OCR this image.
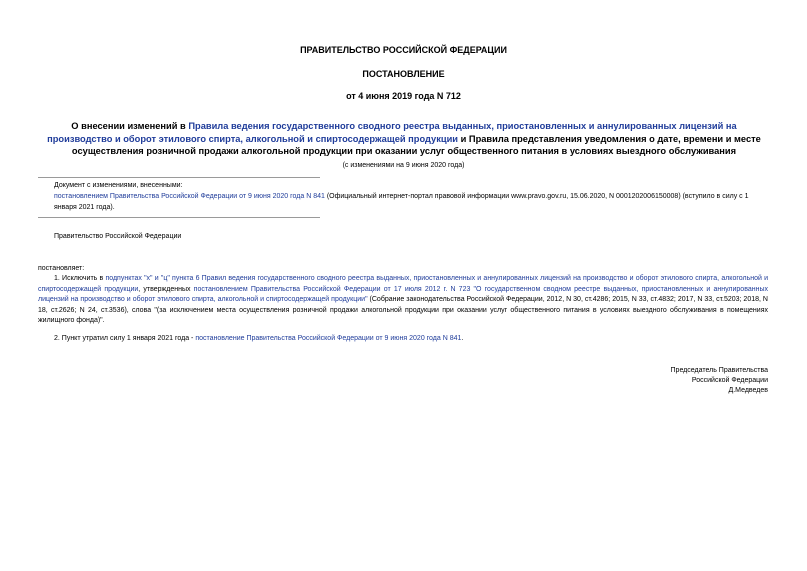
ПРАВИТЕЛЬСТВО РОССИЙСКОЙ ФЕДЕРАЦИИ
ПОСТАНОВЛЕНИЕ
от 4 июня 2019 года N 712
О внесении изменений в Правила ведения государственного сводного реестра выданных, приостановленных и аннулированных лицензий на производство и оборот этилового спирта, алкогольной и спиртосодержащей продукции и Правила представления уведомления о дате, времени и месте осуществления розничной продажи алкогольной продукции при оказании услуг общественного питания в условиях выездного обслуживания
(с изменениями на 9 июня 2020 года)
Документ с изменениями, внесенными:
постановлением Правительства Российской Федерации от 9 июня 2020 года N 841 (Официальный интернет-портал правовой информации www.pravo.gov.ru, 15.06.2020, N 0001202006150008) (вступило в силу с 1 января 2021 года).
Правительство Российской Федерации
постановляет:
1. Исключить в подпунктах "х" и "ц" пункта 6 Правил ведения государственного сводного реестра выданных, приостановленных и аннулированных лицензий на производство и оборот этилового спирта, алкогольной и спиртосодержащей продукции, утвержденных постановлением Правительства Российской Федерации от 17 июля 2012 г. N 723 "О государственном сводном реестре выданных, приостановленных и аннулированных лицензий на производство и оборот этилового спирта, алкогольной и спиртосодержащей продукции" (Собрание законодательства Российской Федерации, 2012, N 30, ст.4286; 2015, N 33, ст.4832; 2017, N 33, ст.5203; 2018, N 18, ст.2626; N 24, ст.3536), слова "(за исключением места осуществления розничной продажи алкогольной продукции при оказании услуг общественного питания в условиях выездного обслуживания в помещениях жилищного фонда)".
2. Пункт утратил силу 1 января 2021 года - постановление Правительства Российской Федерации от 9 июня 2020 года N 841.
Председатель Правительства
Российской Федерации
Д.Медведев
